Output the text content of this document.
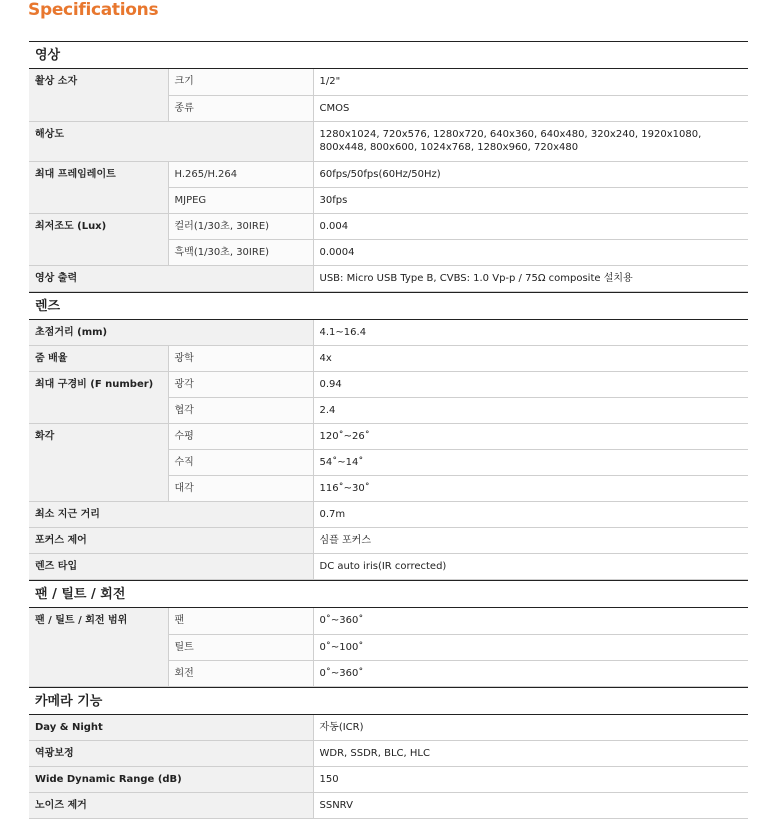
Specifications
영상
촬상 소자	크기	1/2"
	종류	CMOS
해상도		1280x1024, 720x576, 1280x720, 640x360, 640x480, 320x240, 1920x1080, 800x448, 800x600, 1024x768, 1280x960, 720x480
최대 프레임레이트	H.265/H.264	60fps/50fps(60Hz/50Hz)
	MJPEG	30fps
최저조도 (Lux)	컬러(1/30초, 30IRE)	0.004
	흑백(1/30초, 30IRE)	0.0004
영상 출력		USB: Micro USB Type B, CVBS: 1.0 Vp-p / 75Ω composite 설치용
렌즈
초점거리 (mm)		4.1~16.4
줌 배율	광학	4x
최대 구경비 (F number)	광각	0.94
	협각	2.4
화각	수평	120˚~26˚
	수직	54˚~14˚
	대각	116˚~30˚
최소 지근 거리		0.7m
포커스 제어		심플 포커스
렌즈 타입		DC auto iris(IR corrected)
팬 / 틸트 / 회전
팬 / 틸트 / 회전 범위	팬	0˚~360˚
	틸트	0˚~100˚
	회전	0˚~360˚
카메라 기능
Day & Night	자동(ICR)
역광보정	WDR, SSDR, BLC, HLC
Wide Dynamic Range (dB)	150
노이즈 제거	SSNRV
